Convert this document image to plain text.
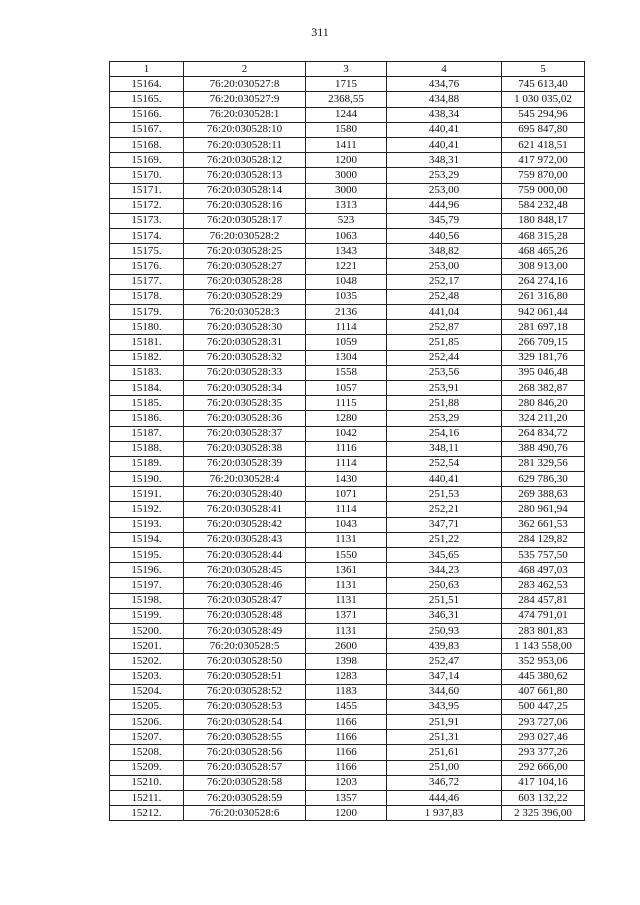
311
1	2	3	4	5
15164.	76:20:030527:8	1715	434,76	745 613,40
15165.	76:20:030527:9	2368,55	434,88	1 030 035,02
15166.	76:20:030528:1	1244	438,34	545 294,96
15167.	76:20:030528:10	1580	440,41	695 847,80
15168.	76:20:030528:11	1411	440,41	621 418,51
15169.	76:20:030528:12	1200	348,31	417 972,00
15170.	76:20:030528:13	3000	253,29	759 870,00
15171.	76:20:030528:14	3000	253,00	759 000,00
15172.	76:20:030528:16	1313	444,96	584 232,48
15173.	76:20:030528:17	523	345,79	180 848,17
15174.	76:20:030528:2	1063	440,56	468 315,28
15175.	76:20:030528:25	1343	348,82	468 465,26
15176.	76:20:030528:27	1221	253,00	308 913,00
15177.	76:20:030528:28	1048	252,17	264 274,16
15178.	76:20:030528:29	1035	252,48	261 316,80
15179.	76:20:030528:3	2136	441,04	942 061,44
15180.	76:20:030528:30	1114	252,87	281 697,18
15181.	76:20:030528:31	1059	251,85	266 709,15
15182.	76:20:030528:32	1304	252,44	329 181,76
15183.	76:20:030528:33	1558	253,56	395 046,48
15184.	76:20:030528:34	1057	253,91	268 382,87
15185.	76:20:030528:35	1115	251,88	280 846,20
15186.	76:20:030528:36	1280	253,29	324 211,20
15187.	76:20:030528:37	1042	254,16	264 834,72
15188.	76:20:030528:38	1116	348,11	388 490,76
15189.	76:20:030528:39	1114	252,54	281 329,56
15190.	76:20:030528:4	1430	440,41	629 786,30
15191.	76:20:030528:40	1071	251,53	269 388,63
15192.	76:20:030528:41	1114	252,21	280 961,94
15193.	76:20:030528:42	1043	347,71	362 661,53
15194.	76:20:030528:43	1131	251,22	284 129,82
15195.	76:20:030528:44	1550	345,65	535 757,50
15196.	76:20:030528:45	1361	344,23	468 497,03
15197.	76:20:030528:46	1131	250,63	283 462,53
15198.	76:20:030528:47	1131	251,51	284 457,81
15199.	76:20:030528:48	1371	346,31	474 791,01
15200.	76:20:030528:49	1131	250,93	283 801,83
15201.	76:20:030528:5	2600	439,83	1 143 558,00
15202.	76:20:030528:50	1398	252,47	352 953,06
15203.	76:20:030528:51	1283	347,14	445 380,62
15204.	76:20:030528:52	1183	344,60	407 661,80
15205.	76:20:030528:53	1455	343,95	500 447,25
15206.	76:20:030528:54	1166	251,91	293 727,06
15207.	76:20:030528:55	1166	251,31	293 027,46
15208.	76:20:030528:56	1166	251,61	293 377,26
15209.	76:20:030528:57	1166	251,00	292 666,00
15210.	76:20:030528:58	1203	346,72	417 104,16
15211.	76:20:030528:59	1357	444,46	603 132,22
15212.	76:20:030528:6	1200	1 937,83	2 325 396,00
